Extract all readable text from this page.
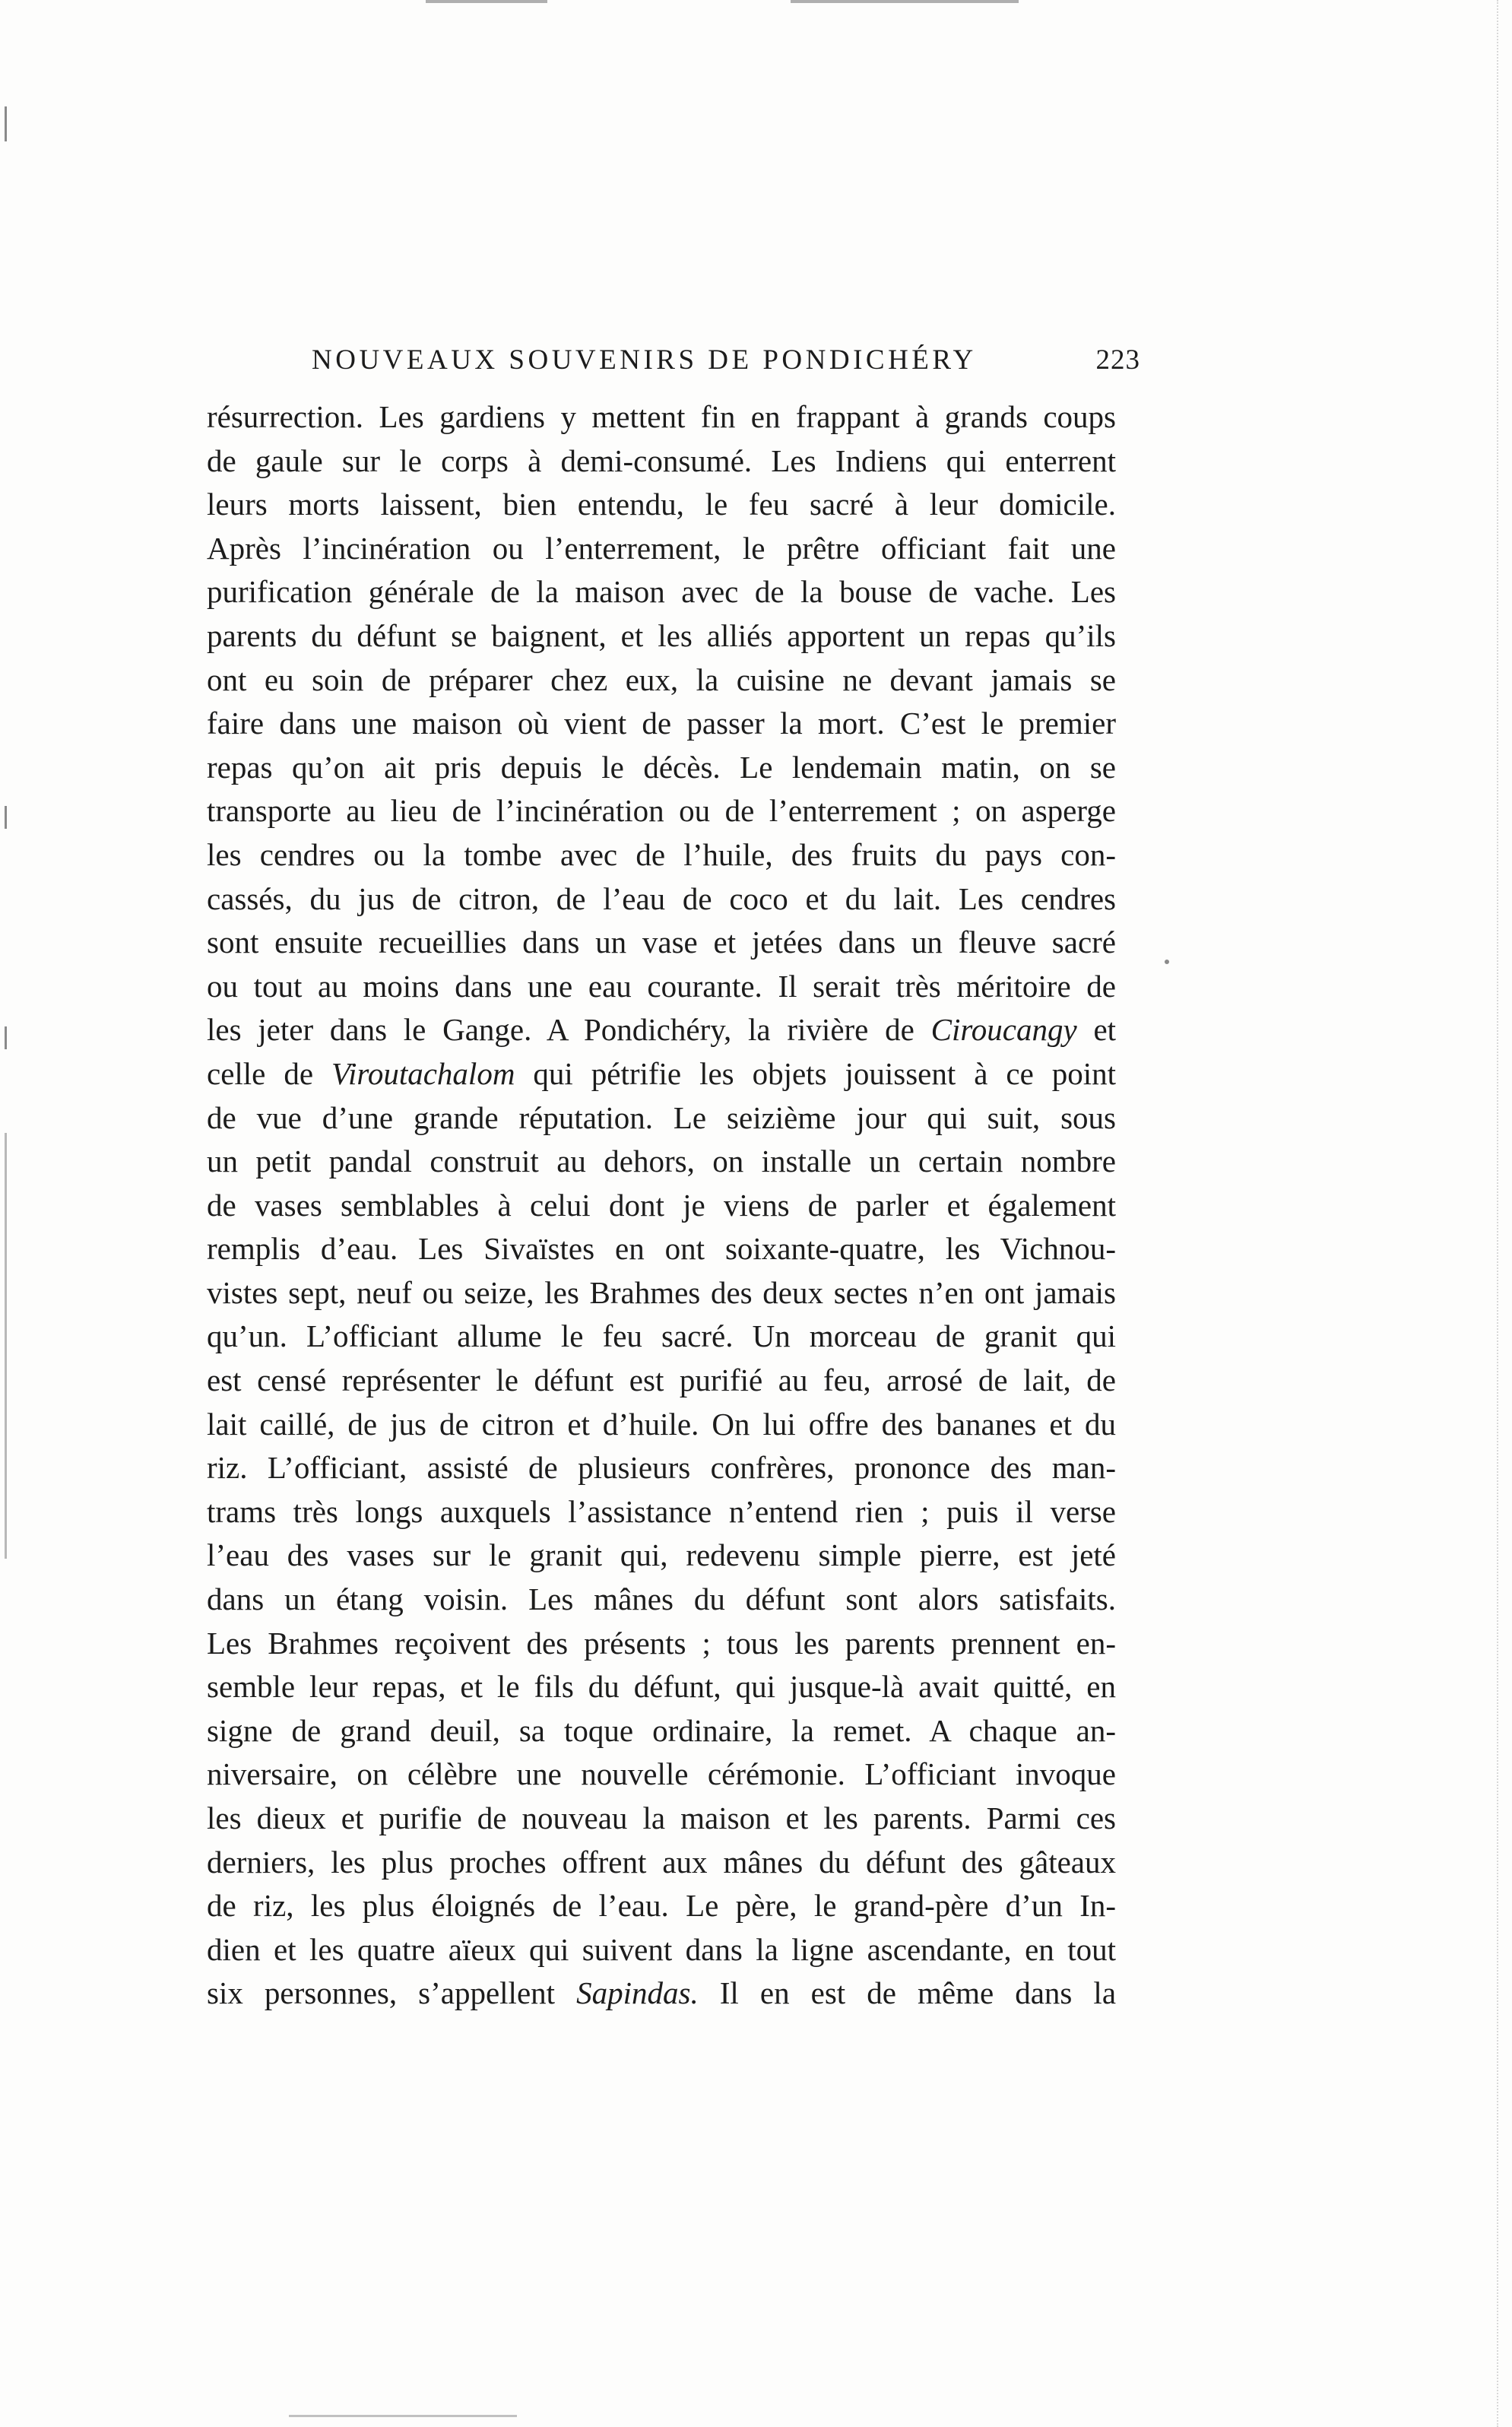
NOUVEAUX SOUVENIRS DE PONDICHÉRY	223
résurrection. Les gardiens y mettent fin en frappant à grands coups
de gaule sur le corps à demi-consumé. Les Indiens qui enterrent
leurs morts laissent, bien entendu, le feu sacré à leur domicile.
Après l’incinération ou l’enterrement, le prêtre officiant fait une
purification générale de la maison avec de la bouse de vache. Les
parents du défunt se baignent, et les alliés apportent un repas qu’ils
ont eu soin de préparer chez eux, la cuisine ne devant jamais se
faire dans une maison où vient de passer la mort. C’est le premier
repas qu’on ait pris depuis le décès. Le lendemain matin, on se
transporte au lieu de l’incinération ou de l’enterrement ; on asperge
les cendres ou la tombe avec de l’huile, des fruits du pays con-
cassés, du jus de citron, de l’eau de coco et du lait. Les cendres
sont ensuite recueillies dans un vase et jetées dans un fleuve sacré
ou tout au moins dans une eau courante. Il serait très méritoire de
les jeter dans le Gange. A Pondichéry, la rivière de Ciroucangy et
celle de Viroutachalom qui pétrifie les objets jouissent à ce point
de vue d’une grande réputation. Le seizième jour qui suit, sous
un petit pandal construit au dehors, on installe un certain nombre
de vases semblables à celui dont je viens de parler et également
remplis d’eau. Les Sivaïstes en ont soixante-quatre, les Vichnou-
vistes sept, neuf ou seize, les Brahmes des deux sectes n’en ont jamais
qu’un. L’officiant allume le feu sacré. Un morceau de granit qui
est censé représenter le défunt est purifié au feu, arrosé de lait, de
lait caillé, de jus de citron et d’huile. On lui offre des bananes et du
riz. L’officiant, assisté de plusieurs confrères, prononce des man-
trams très longs auxquels l’assistance n’entend rien ; puis il verse
l’eau des vases sur le granit qui, redevenu simple pierre, est jeté
dans un étang voisin. Les mânes du défunt sont alors satisfaits.
Les Brahmes reçoivent des présents ; tous les parents prennent en-
semble leur repas, et le fils du défunt, qui jusque-là avait quitté, en
signe de grand deuil, sa toque ordinaire, la remet. A chaque an-
niversaire, on célèbre une nouvelle cérémonie. L’officiant invoque
les dieux et purifie de nouveau la maison et les parents. Parmi ces
derniers, les plus proches offrent aux mânes du défunt des gâteaux
de riz, les plus éloignés de l’eau. Le père, le grand-père d’un In-
dien et les quatre aïeux qui suivent dans la ligne ascendante, en tout
six personnes, s’appellent Sapindas. Il en est de même dans la
